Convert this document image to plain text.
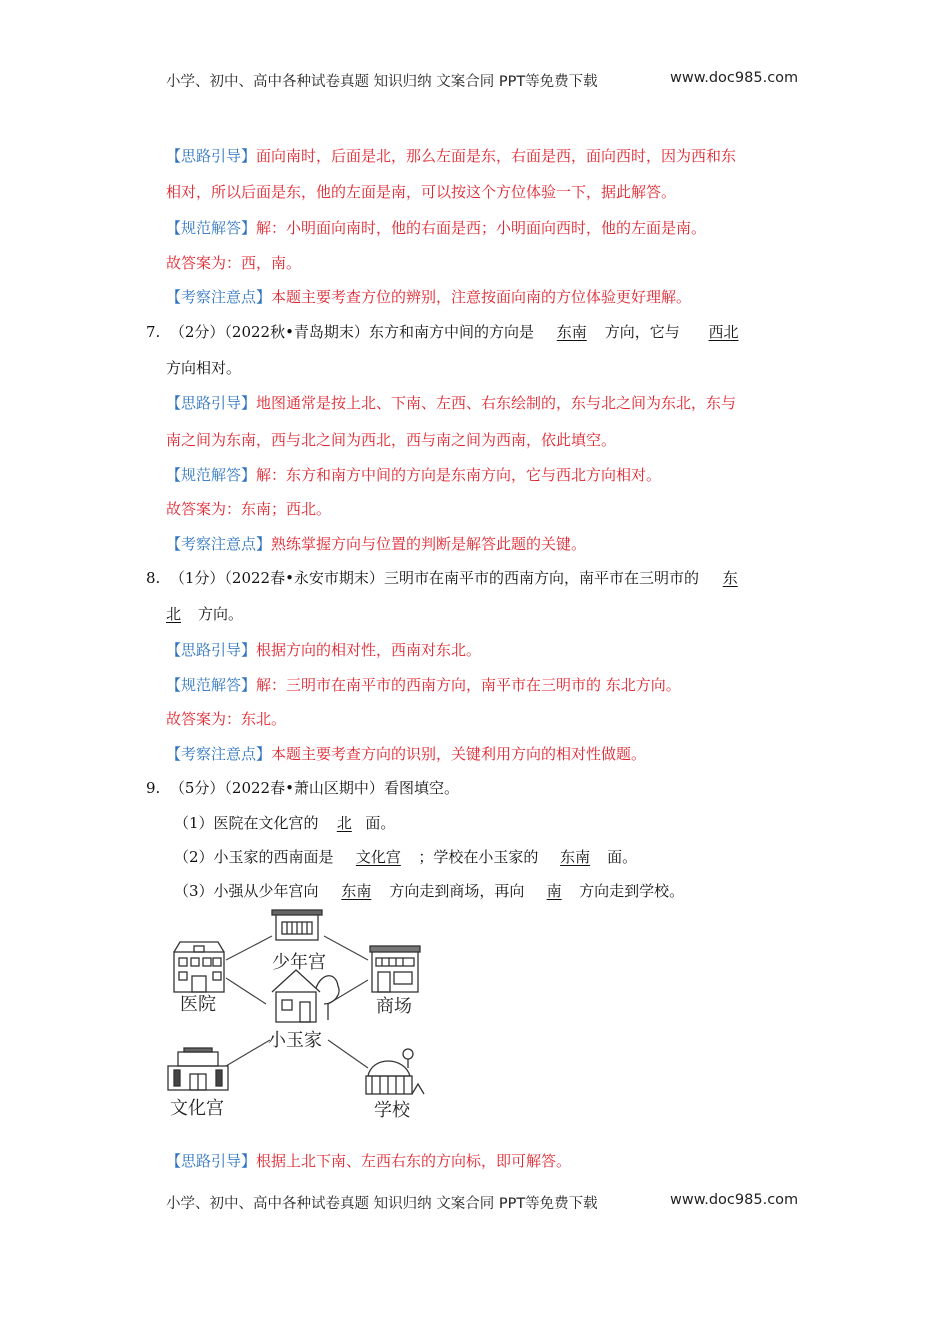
小学、初中、高中各种试卷真题 知识归纳 文案合同 PPT等免费下载	www.doc985.com
【思路引导】面向南时，后面是北，那么左面是东，右面是西，面向西时，因为西和东
相对，所以后面是东，他的左面是南，可以按这个方位体验一下，据此解答。
【规范解答】解：小明面向南时，他的右面是西；小明面向西时，他的左面是南。
故答案为：西，南。
【考察注意点】本题主要考查方位的辨别，注意按面向南的方位体验更好理解。
7. （2分）（2022秋•青岛期末）东方和南方中间的方向是 东南 方向，它与 西北
方向相对。
【思路引导】地图通常是按上北、下南、左西、右东绘制的，东与北之间为东北，东与
南之间为东南，西与北之间为西北，西与南之间为西南，依此填空。
【规范解答】解：东方和南方中间的方向是东南方向，它与西北方向相对。
故答案为：东南；西北。
【考察注意点】熟练掌握方向与位置的判断是解答此题的关键。
8. （1分）（2022春•永安市期末）三明市在南平市的西南方向，南平市在三明市的 东
北 方向。
【思路引导】根据方向的相对性，西南对东北。
【规范解答】解：三明市在南平市的西南方向，南平市在三明市的 东北方向。
故答案为：东北。
【考察注意点】本题主要考查方向的识别，关键利用方向的相对性做题。
9. （5分）（2022春•萧山区期中）看图填空。
（1）医院在文化宫的 北 面。
（2）小玉家的西南面是 文化宫 ；学校在小玉家的 东南 面。
（3）小强从少年宫向 东南 方向走到商场，再向 南 方向走到学校。
少年宫
医院	商场
小玉家
文化宫	学校
【思路引导】根据上北下南、左西右东的方向标，即可解答。
小学、初中、高中各种试卷真题 知识归纳 文案合同 PPT等免费下载	www.doc985.com
